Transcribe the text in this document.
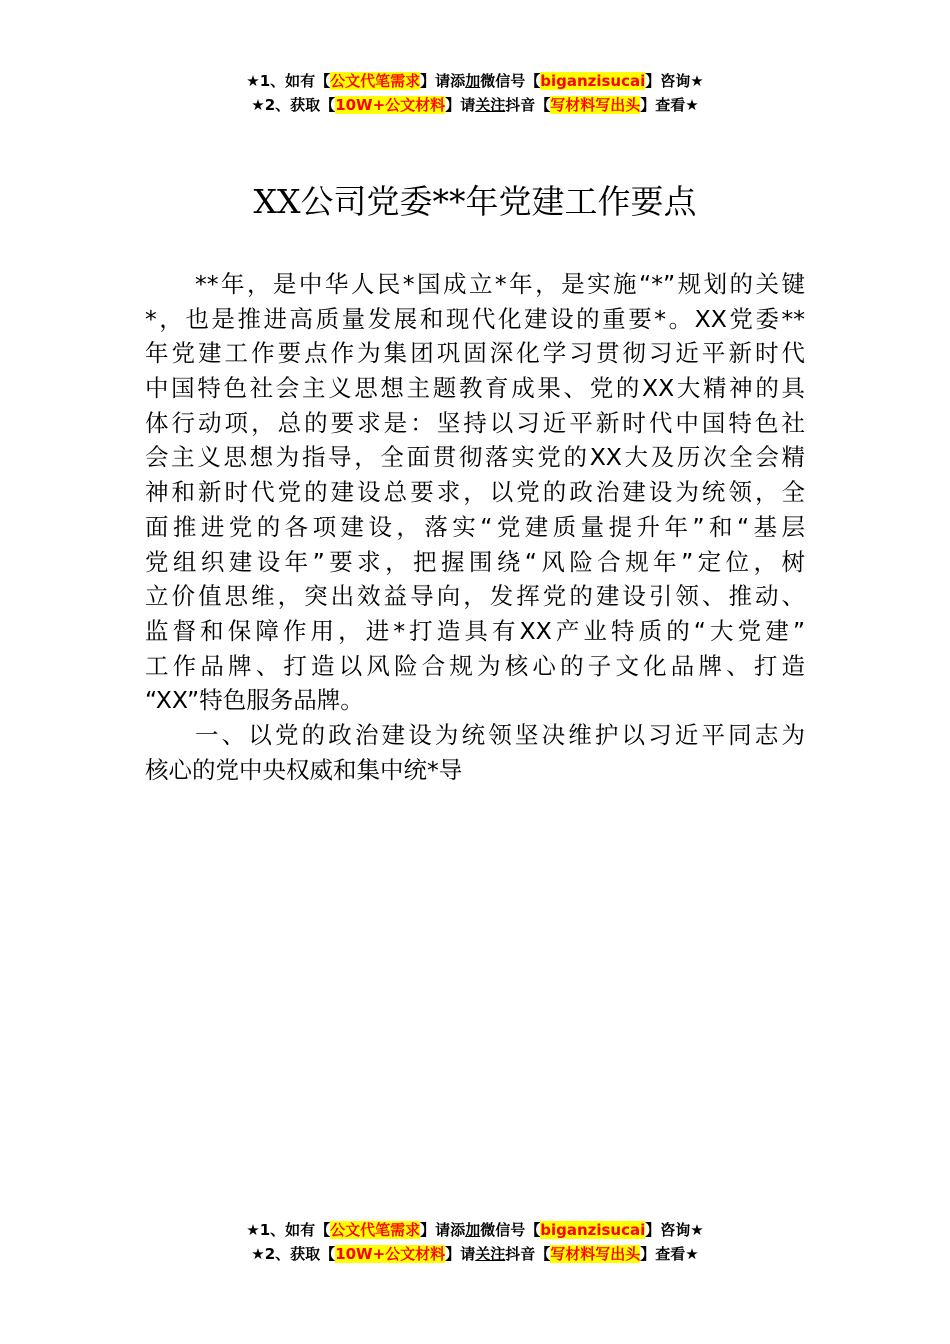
★1、如有【公文代笔需求】请添加微信号【biganzisucai】咨询★
★2、获取【10W+公文材料】请关注抖音【写材料写出头】查看★
XX公司党委**年党建工作要点
**年，是中华人民*国成立*年，是实施“*”规划的关键
*，也是推进高质量发展和现代化建设的重要*。XX党委**
年党建工作要点作为集团巩固深化学习贯彻习近平新时代
中国特色社会主义思想主题教育成果、党的XX大精神的具
体行动项，总的要求是：坚持以习近平新时代中国特色社
会主义思想为指导，全面贯彻落实党的XX大及历次全会精
神和新时代党的建设总要求，以党的政治建设为统领，全
面推进党的各项建设，落实“党建质量提升年”和“基层
党组织建设年”要求，把握围绕“风险合规年”定位，树
立价值思维，突出效益导向，发挥党的建设引领、推动、
监督和保障作用，进*打造具有XX产业特质的“大党建”
工作品牌、打造以风险合规为核心的子文化品牌、打造
“XX”特色服务品牌。
一、以党的政治建设为统领坚决维护以习近平同志为
核心的党中央权威和集中统*导
★1、如有【公文代笔需求】请添加微信号【biganzisucai】咨询★
★2、获取【10W+公文材料】请关注抖音【写材料写出头】查看★
